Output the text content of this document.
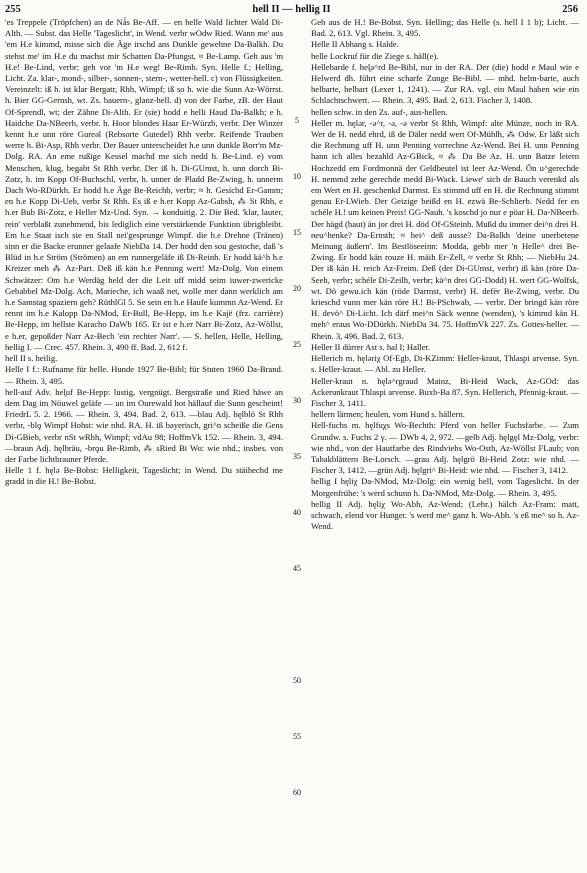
255	hell II — hellig II	256

'es Treppele (Tröpfchen) an de Nǻs Be-Aff. — en helle Wald lichter Wald Di-Alth. — Subst. das Helle 'Tageslicht', in Wend. verbr wOdw Ried. Wann me' aus 'em H.e kimmd, misse sich die Äge irschd ans Dunkle gewehne Da-Balkh. Du stehst me' im H.e du machst mir Schatten Da-Pfungst, ≈ Be-Lamp. Geh aus 'm H.e! Be-Lind, verbr; geh vor 'm H.e weg! Be-Rimb. Syn. Helle f.; Helling, Licht. Za. klar-, mond-, silber-, sonnen-, stern-, wetter-hell. c) von Flüssigkeiten. Vereinzelt: iß h. ist klar Bergatr, Rhh, Wimpf; iß so h. wie die Sunn Az-Wörrst. h. Bier GG-Gernsh, wt. Zs. bauern-, glanz-hell. d) von der Farbe, zB. der Haut Of-Sprendl, wt; der Zähne Di-Alth. Er (sie) hodd e helli Haud Da-Balkh; e h. Haidche Da-NBeerb, verbr. h. Hoor blondes Haar Er-Würzb, verbr. Der Winzer kennt h.e unn röre Gureǝl (Rebsorte Gutedel) Rhh verbr. Reifende Trauben werre h. Bi-Asp, Rhh verbr. Der Bauer unterscheidet h.e unn dunkle Borr'm Mz-Dolg. RA. An eme rußige Kessel machd me sich nedd h. Be-Lind. e) vom Menschen, klug, begabt St Rhh verbr. Der iß h. Di-GUmst, h. unn dorch Bi-Zotz, h. im Kopp Of-Buchschl, verbr, h. unner de Pladd Be-Zwing, h. unnerm Dach Wo-RDürkh. Er hodd h.e Äge Be-Reichb, verbr; ≈ h. Gesichd Er-Gamm; en h.e Kopp Di-Ueb, verbr St Rhh. Es iß e h.er Kopp Az-Gabsh, ⁂ St Rhh, e h.er Bub Bi-Zotz, e Heller Mz-Und. Syn. → konduitig. 2. Die Bed. 'klar, lauter, rein' verblaßt zunehmend, bis lediglich eine verstärkende Funktion übrigbleibt. Em h.e Staat isch sie en Stall nei'gesprunge Wimpf. die h.e Drehne (Tränen) sinn er die Backe erunner gelaafe NiebDa 14. Der hodd den sou gestoche, daß 's Blüd in h.e Ström (Strömen) an em runnergeläfe iß Di-Reinh. Er hodd kä^h h.e Kreizer meh ⁂ Az-Part. Deß iß kän h.e Penning wert! Mz-Dolg. Von einem Schwätzer: Om h.e Werdäg held der die Leit uff midd seim iuwer-zwericke Gebabbel Mz-Dolg. Ach, Marieche, ich waaß net, wolle mer dann werklich am h.e Samstag spaziern geh? RüthlGl 5. Se sein en h.e Haufe kummn Az-Wend. Er rennt im h.e Kalopp Da-NMod, Er-Bull, Be-Hepp, im h.e Kajë (frz. carrière) Be-Hepp, im hellste Karacho DaWb 165. Er ist e h.er Narr Bi-Zotz, Az-Wöllst, e h.er, gepoßder Narr Az-Bech 'ein rechter Narr'. — S. hellen, Helle, Helling, hellig I. — Crec. 457. Rhein. 3, 490 ff. Bad. 2, 612 f.

hell II s. heilig.

Helle I f.: Rufname für helle. Hunde 1927 Be-Bibl; für Stuten 1960 Da-Brand. — Rhein. 3, 495.

hell-auf Adv. hel̯uf Be-Hepp: lustig, vergnügt. Bergstraße und Ried häwe an dem Dag im Nöuwel geläfe — un im Ourewald hot hällauf die Sunn gescheint! FriedrL 5. 2. 1966. — Rhein. 3, 494. Bad. 2, 613. —blau Adj. hęlblö St Rhh verbr, -blǫ Wimpf Hohst: wie nhd. RA. H. iß bayerisch, gri^n scheiße die Gens Di-GBieb, verbr nSt wRhh, Wimpf; vdAu 98; HoffmVk 152. — Rhein. 3, 494. —braun Adj. hęlbräu, -brǫu Be-Rimb, ⁂ sRied Bi Wo: wie nhd.; insbes. von der Farbe lichtbrauner Pferde.

Helle 1 f. hęlǝ Be-Bobst: Helligkeit, Tageslicht; in Wend. Du stäihechd me gradd in die H.! Be-Bobst.

5
10
15
20
25
30
35
40
45
50
55
60

Geh aus de H.! Be-Bobst. Syn. Helling; das Helle (s. hell I 1 b); Licht. — Bad. 2, 613. Vgl. Rhein. 3, 495.

Helle II Abhang s. Halde.

helle Lockruf für die Ziege s. häll(e).

Hellebarde f. hel̯ǝ^rd Be-Bibl, nur in der RA. Der (die) hodd e Maul wie e Helwerd dh. führt eine scharfe Zunge Be-Bibl. — mhd. helm-barte, auch helbarte, helbart (Lexer 1, 1241). — Zur RA. vgl. ein Maul haben wie ein Schlachtschwert. — Rhein. 3, 495. Bad. 2, 613. Fischer 3, 1408.

hellen schw. in den Zs. auf-, aus-hellen.

Heller m. hęlǝr, -ǝ^r, -ǝ, -ǝ verbr St Rhh, Wimpf: alte Münze, noch in RA. Wer de H. nedd ehrd, iß de Däler nedd wert Of-Mühlh, ⁂ Odw. Er läßt sich die Rechnung uff H. unn Penning vorrechne Az-Wend. Bei H. unn Penning hann ich alles bezahld Az-GBick, ≈ ⁂ Da Be Az. H. unn Batze leiern Hochzedd em Fordmonnä der Geldbeutel ist leer Az-Wend. Ön u^gerechde H. nemmd zehe gerechde medd Bi-Wack. Liewe' sich de Bauch verenkd als em Wert en H. geschenkd Darmst. Es stimmd uff en H. die Rechnung stimmt genau Er-LWieb. Der Geizige beißd en H. ezwä Be-Schlierb. Nedd fer en schéle H.! um keinen Preis! GG-Nauh. 's koschd jo nur e pöar H. Da-NBeerb. Der hägd (haut) än jor drei H. död Of-GSteinh. Mußd du immer dei^n drei H. neu^henke? Da-Ernsth; ≈ hei^ deß ausse? Da-Balkh 'deine unerbetene Meinung äußern'. Im Bestlöseeinn: Modda, gebb mer 'n Helle^ drei Be-Zwing. Er hodd kän rouze H. mäih Er-Zell, ≈ verbr St Rhh; — NiebHu 24. Der iß kän H. reich Az-Freim. Deß (der Di-GUmst, verbr) iß kän (röre Da-Seeh, verbr; schéle Di-Zeilh, verbr; kä^n drei GG-Dodd) H. wert GG-Wolfsk, wt. Dö gewu.ich kän (röde Darmst, verbr) H. defër Be-Zwing, verbr. Du krieschd vunn mer kän röre H.! Bi-PSchwab, — verbr. Der bringd kän röre H. devö^ Di-Licht. Ich därf mei^n Säck wenne (wenden), 's kimmd kän H. meh^ eraus Wo-DDürkh. NiebDa 34. 75. HoffmVk 227. Zs. Gottes-heller. — Rhein. 3, 496. Bad. 2, 613.

Heller II dürrer Ast s. hal I; Haller.

Hellerich m. hęlǝriχ Of-Egb, Di-KZimm: Heller-kraut, Thlaspi arvense. Syn. s. Heller-kraut. — Abl. zu Heller.

Heller-kraut n. hęlǝ^rgraud Mainz, Bi-Heid Wack, Az-GOd: das Ackerunkraut Thlaspi arvense. Buxb-Ba 87. Syn. Hellerich, Pfennig-kraut. — Fischer 3, 1411.

hellern lärmen; heulen, vom Hund s. hällern.

Hell-fuchs m. hęlfuχs Wo-Bechth: Pferd von heller Fuchsfarbe. — Zum Grundw. s. Fuchs 2 γ. — DWb 4, 2, 972. —gelb Adj. hęlgęl Mz-Dolg, verbr: wie nhd., von der Hautfarbe des Rindviehs Wo-Osth, Az-Wöllst FLaub; von Tabakblättern Be-Lorsch. —grau Adj. hęlgrö Bi-Heid Zotz: wie nhd. — Fischer 3, 1412. —grün Adj. hęlgri^ Bi-Heid: wie nhd. — Fischer 3, 1412.

hellig I hęliχ Da-NMod, Mz-Dolg: ein wenig hell, vom Tageslicht. In der Morgenfrühe: 's werd schunn h. Da-NMod, Mz-Dolg. — Rhein. 3, 495.

hellig II Adj. hęliχ Wo-Abh, Az-Wend; (Lehr.) hälch Az-Fram: matt, schwach, elend vor Hunger. 's werd me^ ganz h. Wo-Abh. 's eß me^ so h. Az-Wend.
